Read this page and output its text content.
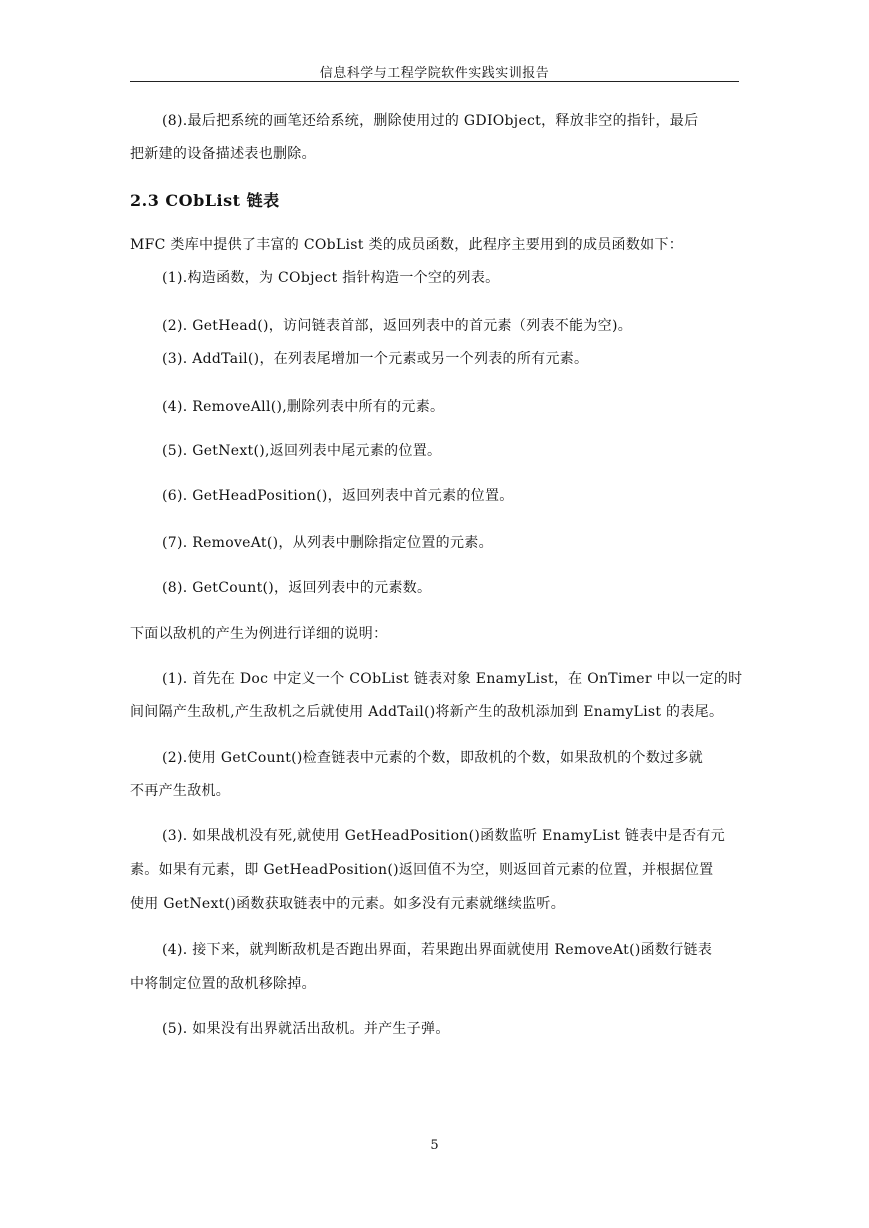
信息科学与工程学院软件实践实训报告
(8).最后把系统的画笔还给系统，删除使用过的 GDIObject，释放非空的指针，最后
把新建的设备描述表也删除。
2.3 CObList 链表
MFC 类库中提供了丰富的 CObList 类的成员函数，此程序主要用到的成员函数如下：
(1).构造函数，为 CObject 指针构造一个空的列表。
(2). GetHead()，访问链表首部，返回列表中的首元素（列表不能为空)。
(3). AddTail()，在列表尾增加一个元素或另一个列表的所有元素。
(4). RemoveAll(),删除列表中所有的元素。
(5). GetNext(),返回列表中尾元素的位置。
(6). GetHeadPosition()，返回列表中首元素的位置。
(7). RemoveAt()，从列表中删除指定位置的元素。
(8). GetCount()，返回列表中的元素数。
下面以敌机的产生为例进行详细的说明：
(1). 首先在 Doc 中定义一个 CObList 链表对象 EnamyList，在 OnTimer 中以一定的时
间间隔产生敌机,产生敌机之后就使用 AddTail()将新产生的敌机添加到 EnamyList 的表尾。
(2).使用 GetCount()检查链表中元素的个数，即敌机的个数，如果敌机的个数过多就
不再产生敌机。
(3). 如果战机没有死,就使用 GetHeadPosition()函数监听 EnamyList 链表中是否有元
素。如果有元素，即 GetHeadPosition()返回值不为空，则返回首元素的位置，并根据位置
使用 GetNext()函数获取链表中的元素。如多没有元素就继续监听。
(4). 接下来，就判断敌机是否跑出界面，若果跑出界面就使用 RemoveAt()函数行链表
中将制定位置的敌机移除掉。
(5). 如果没有出界就活出敌机。并产生子弹。
5
